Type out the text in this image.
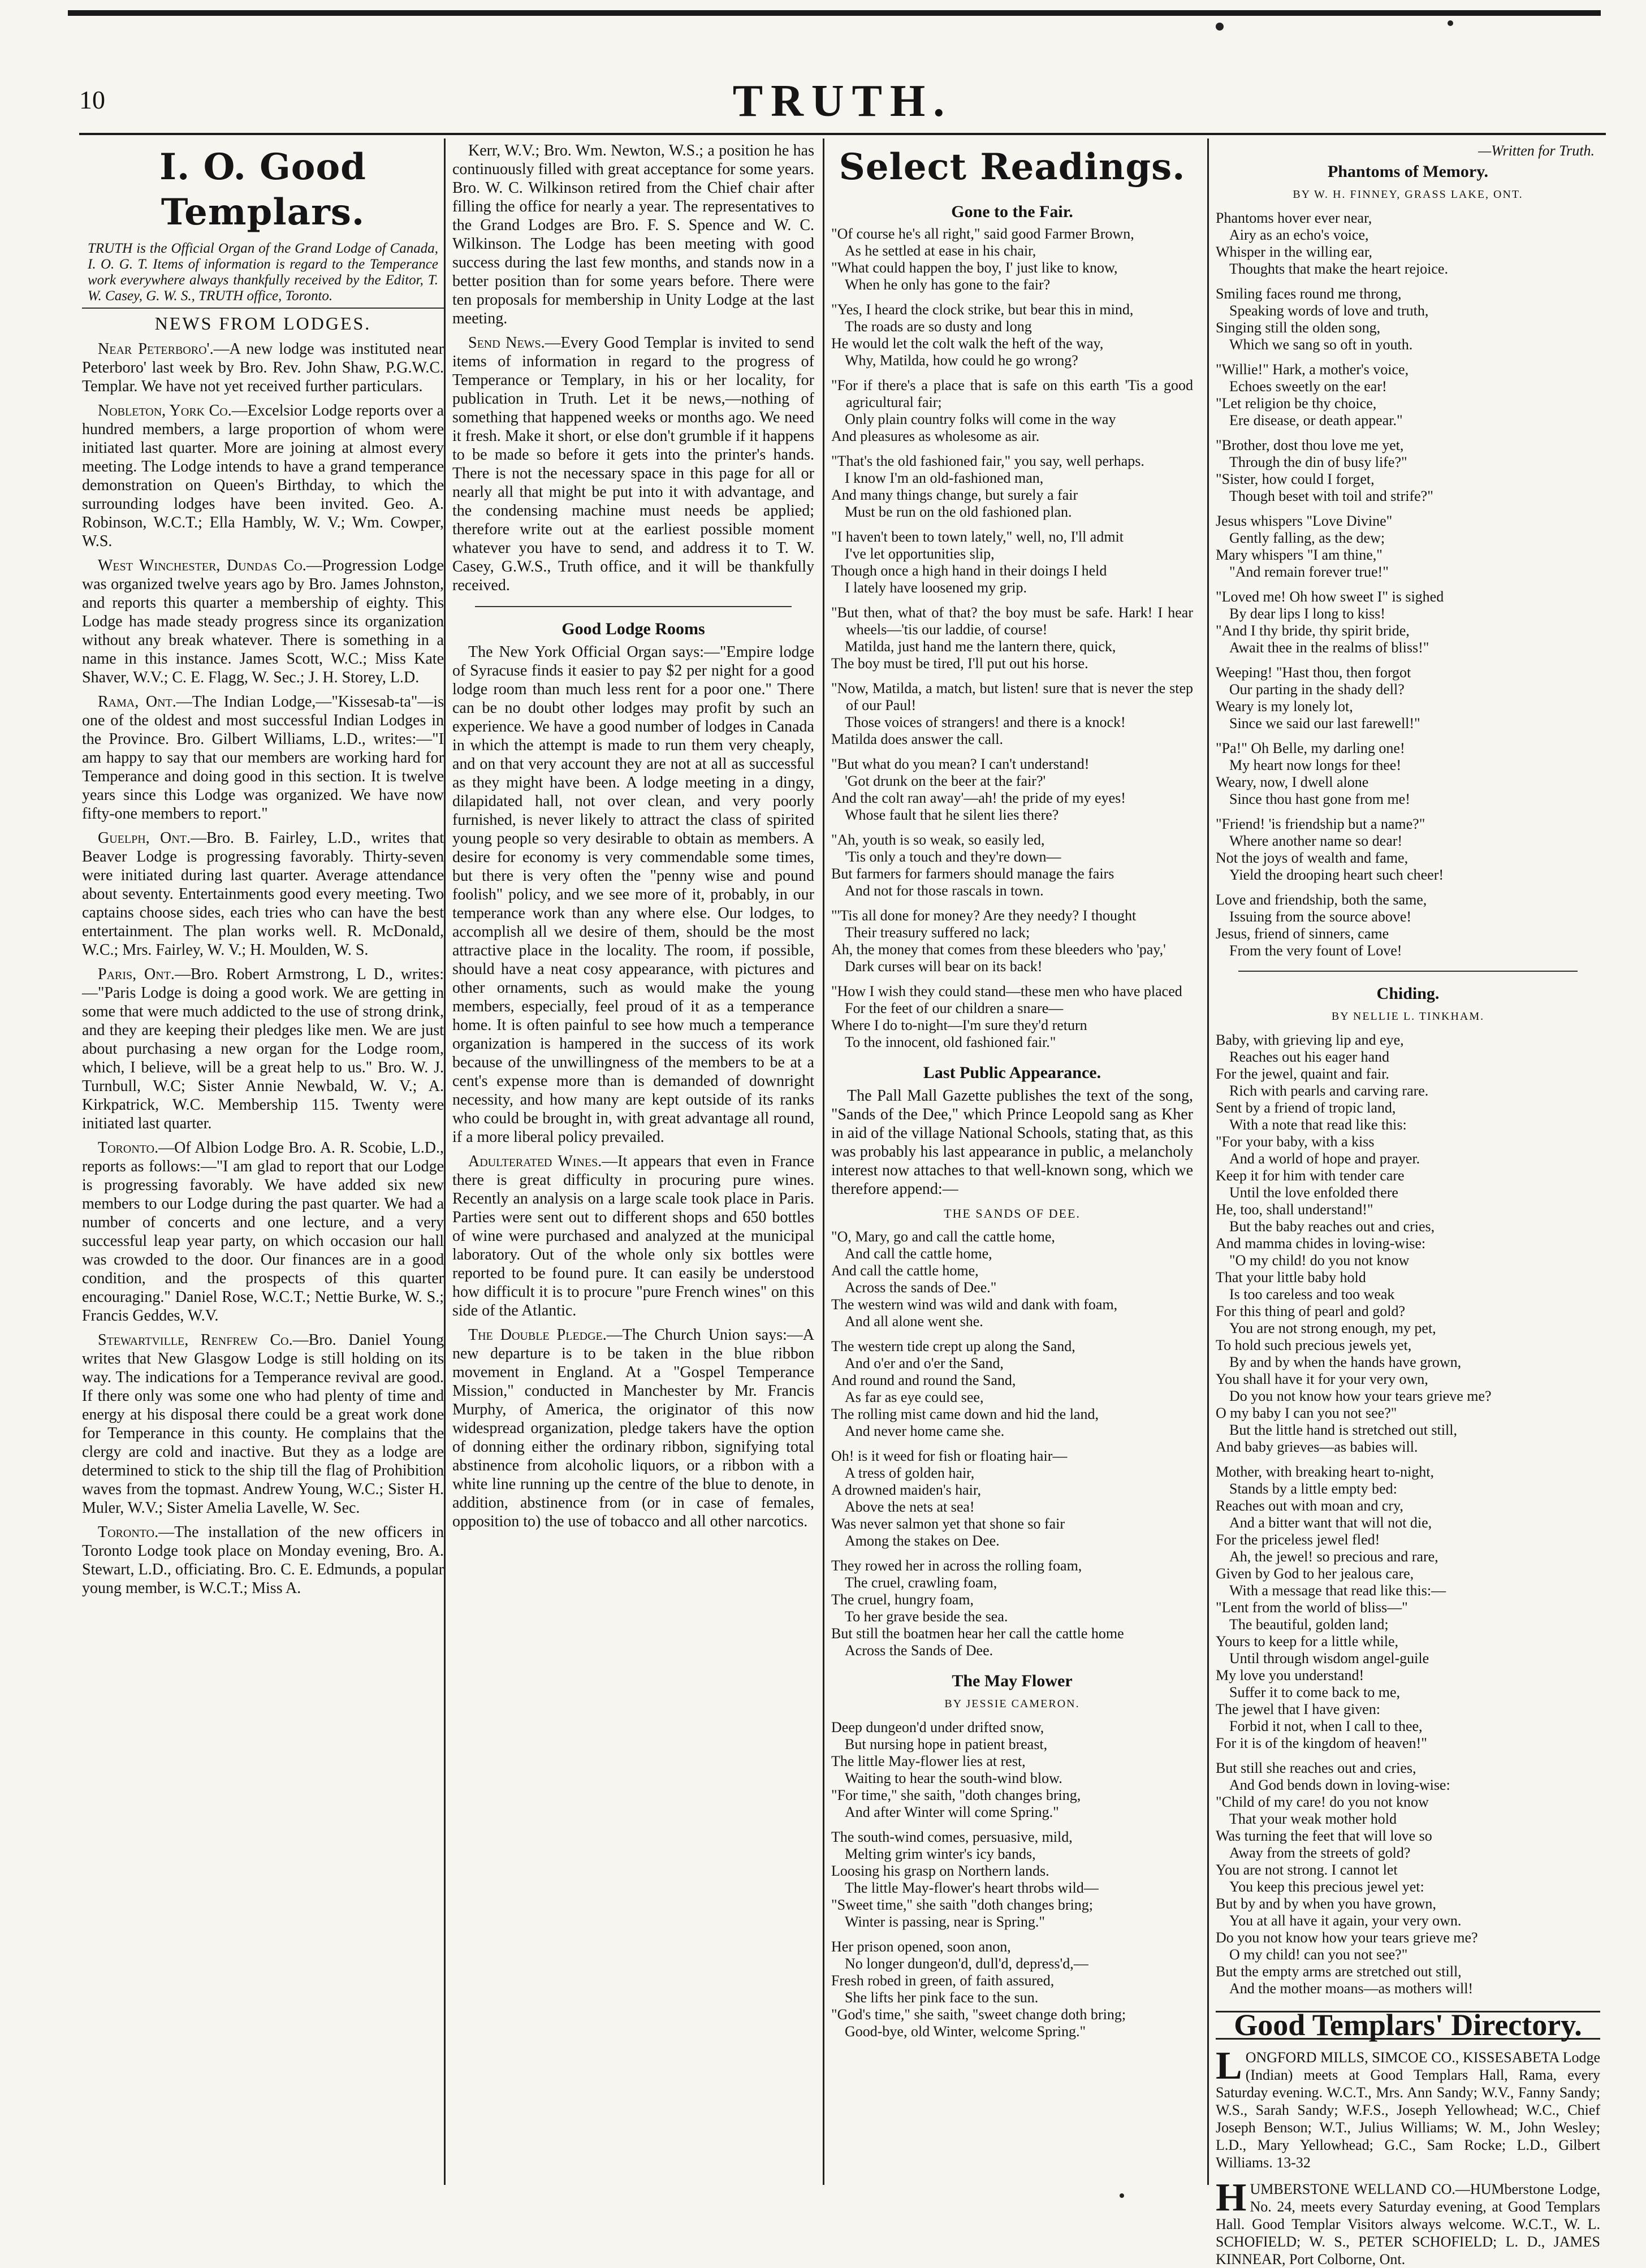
10	TRUTH.
I. O. Good Templars.
TRUTH is the Official Organ of the Grand Lodge of Canada, I. O. G. T. Items of information is regard to the Temperance work everywhere always thankfully received by the Editor, T. W. Casey, G. W. S., TRUTH office, Toronto.
NEWS FROM LODGES.

Near Peterboro'.—A new lodge was instituted near Peterboro' last week by Bro. Rev. John Shaw, P.G.W.C. Templar. We have not yet received further particulars.

Nobleton, York Co.—Excelsior Lodge reports over a hundred members, a large proportion of whom were initiated last quarter. More are joining at almost every meeting. The Lodge intends to have a grand temperance demonstration on Queen's Birthday, to which the surrounding lodges have been invited. Geo. A. Robinson, W.C.T.; Ella Hambly, W. V.; Wm. Cowper, W.S.

West Winchester, Dundas Co.—Progression Lodge was organized twelve years ago by Bro. James Johnston, and reports this quarter a membership of eighty. This Lodge has made steady progress since its organization without any break whatever. There is something in a name in this instance. James Scott, W.C.; Miss Kate Shaver, W.V.; C. E. Flagg, W. Sec.; J. H. Storey, L.D.

Rama, Ont.—The Indian Lodge,—"Kissesab-ta"—is one of the oldest and most successful Indian Lodges in the Province. Bro. Gilbert Williams, L.D., writes:—"I am happy to say that our members are working hard for Temperance and doing good in this section. It is twelve years since this Lodge was organized. We have now fifty-one members to report."

Guelph, Ont.—Bro. B. Fairley, L.D., writes that Beaver Lodge is progressing favorably. Thirty-seven were initiated during last quarter. Average attendance about seventy. Entertainments good every meeting. Two captains choose sides, each tries who can have the best entertainment. The plan works well. R. McDonald, W.C.; Mrs. Fairley, W. V.; H. Moulden, W. S.

Paris, Ont.—Bro. Robert Armstrong, L D., writes:—"Paris Lodge is doing a good work. We are getting in some that were much addicted to the use of strong drink, and they are keeping their pledges like men. We are just about purchasing a new organ for the Lodge room, which, I believe, will be a great help to us." Bro. W. J. Turnbull, W.C; Sister Annie Newbald, W. V.; A. Kirkpatrick, W.C. Membership 115. Twenty were initiated last quarter.

Toronto.—Of Albion Lodge Bro. A. R. Scobie, L.D., reports as follows:—"I am glad to report that our Lodge is progressing favorably. We have added six new members to our Lodge during the past quarter. We had a number of concerts and one lecture, and a very successful leap year party, on which occasion our hall was crowded to the door. Our finances are in a good condition, and the prospects of this quarter encouraging." Daniel Rose, W.C.T.; Nettie Burke, W. S.; Francis Geddes, W.V.

Stewartville, Renfrew Co.—Bro. Daniel Young writes that New Glasgow Lodge is still holding on its way. The indications for a Temperance revival are good. If there only was some one who had plenty of time and energy at his disposal there could be a great work done for Temperance in this county. He complains that the clergy are cold and inactive. But they as a lodge are determined to stick to the ship till the flag of Prohibition waves from the topmast. Andrew Young, W.C.; Sister H. Muler, W.V.; Sister Amelia Lavelle, W. Sec.

Toronto.—The installation of the new officers in Toronto Lodge took place on Monday evening, Bro. A. Stewart, L.D., officiating. Bro. C. E. Edmunds, a popular young member, is W.C.T.; Miss A.

Kerr, W.V.; Bro. Wm. Newton, W.S.; a position he has continuously filled with great acceptance for some years. Bro. W. C. Wilkinson retired from the Chief chair after filling the office for nearly a year. The representatives to the Grand Lodges are Bro. F. S. Spence and W. C. Wilkinson. The Lodge has been meeting with good success during the last few months, and stands now in a better position than for some years before. There were ten proposals for membership in Unity Lodge at the last meeting.

Send News.—Every Good Templar is invited to send items of information in regard to the progress of Temperance or Templary, in his or her locality, for publication in Truth. Let it be news,—nothing of something that happened weeks or months ago. We need it fresh. Make it short, or else don't grumble if it happens to be made so before it gets into the printer's hands. There is not the necessary space in this page for all or nearly all that might be put into it with advantage, and the condensing machine must needs be applied; therefore write out at the earliest possible moment whatever you have to send, and address it to T. W. Casey, G.W.S., Truth office, and it will be thankfully received.

Good Lodge Rooms

The New York Official Organ says:—"Empire lodge of Syracuse finds it easier to pay $2 per night for a good lodge room than much less rent for a poor one." There can be no doubt other lodges may profit by such an experience. We have a good number of lodges in Canada in which the attempt is made to run them very cheaply, and on that very account they are not at all as successful as they might have been. A lodge meeting in a dingy, dilapidated hall, not over clean, and very poorly furnished, is never likely to attract the class of spirited young people so very desirable to obtain as members. A desire for economy is very commendable some times, but there is very often the "penny wise and pound foolish" policy, and we see more of it, probably, in our temperance work than any where else. Our lodges, to accomplish all we desire of them, should be the most attractive place in the locality. The room, if possible, should have a neat cosy appearance, with pictures and other ornaments, such as would make the young members, especially, feel proud of it as a temperance home. It is often painful to see how much a temperance organization is hampered in the success of its work because of the unwillingness of the members to be at a cent's expense more than is demanded of downright necessity, and how many are kept outside of its ranks who could be brought in, with great advantage all round, if a more liberal policy prevailed.

Adulterated Wines.—It appears that even in France there is great difficulty in procuring pure wines. Recently an analysis on a large scale took place in Paris. Parties were sent out to different shops and 650 bottles of wine were purchased and analyzed at the municipal laboratory. Out of the whole only six bottles were reported to be found pure. It can easily be understood how difficult it is to procure "pure French wines" on this side of the Atlantic.

The Double Pledge.—The Church Union says:—A new departure is to be taken in the blue ribbon movement in England. At a "Gospel Temperance Mission," conducted in Manchester by Mr. Francis Murphy, of America, the originator of this now widespread organization, pledge takers have the option of donning either the ordinary ribbon, signifying total abstinence from alcoholic liquors, or a ribbon with a white line running up the centre of the blue to denote, in addition, abstinence from (or in case of females, opposition to) the use of tobacco and all other narcotics.

Select Readings.
Gone to the Fair.
"Of course he's all right," said good Farmer Brown,
As he settled at ease in his chair,
"What could happen the boy, I' just like to know,
When he only has gone to the fair?
"Yes, I heard the clock strike, but bear this in mind,
The roads are so dusty and long
He would let the colt walk the heft of the way,
Why, Matilda, how could he go wrong?
"For if there's a place that is safe on this earth 'Tis a good agricultural fair;
Only plain country folks will come in the way
And pleasures as wholesome as air.
"That's the old fashioned fair," you say, well perhaps.
I know I'm an old-fashioned man,
And many things change, but surely a fair
Must be run on the old fashioned plan.
"I haven't been to town lately," well, no, I'll admit
I've let opportunities slip,
Though once a high hand in their doings I held
I lately have loosened my grip.
"But then, what of that? the boy must be safe. Hark! I hear wheels—'tis our laddie, of course!
Matilda, just hand me the lantern there, quick,
The boy must be tired, I'll put out his horse.
"Now, Matilda, a match, but listen! sure that is never the step of our Paul!
Those voices of strangers! and there is a knock!
Matilda does answer the call.
"But what do you mean? I can't understand!
'Got drunk on the beer at the fair?'
And the colt ran away'—ah! the pride of my eyes!
Whose fault that he silent lies there?
"Ah, youth is so weak, so easily led,
'Tis only a touch and they're down—
But farmers for farmers should manage the fairs
And not for those rascals in town.
"'Tis all done for money? Are they needy? I thought
Their treasury suffered no lack;
Ah, the money that comes from these bleeders who 'pay,'
Dark curses will bear on its back!
"How I wish they could stand—these men who have placed
For the feet of our children a snare—
Where I do to-night—I'm sure they'd return
To the innocent, old fashioned fair."
Last Public Appearance.

The Pall Mall Gazette publishes the text of the song, "Sands of the Dee," which Prince Leopold sang as Kher in aid of the village National Schools, stating that, as this was probably his last appearance in public, a melancholy interest now attaches to that well-known song, which we therefore append:—

THE SANDS OF DEE.
"O, Mary, go and call the cattle home,
And call the cattle home,
And call the cattle home,
Across the sands of Dee."
The western wind was wild and dank with foam,
And all alone went she.
The western tide crept up along the Sand,
And o'er and o'er the Sand,
And round and round the Sand,
As far as eye could see,
The rolling mist came down and hid the land,
And never home came she.
Oh! is it weed for fish or floating hair—
A tress of golden hair,
A drowned maiden's hair,
Above the nets at sea!
Was never salmon yet that shone so fair
Among the stakes on Dee.
They rowed her in across the rolling foam,
The cruel, crawling foam,
The cruel, hungry foam,
To her grave beside the sea.
But still the boatmen hear her call the cattle home
Across the Sands of Dee.
The May Flower
BY JESSIE CAMERON.
Deep dungeon'd under drifted snow,
But nursing hope in patient breast,
The little May-flower lies at rest,
Waiting to hear the south-wind blow.
"For time," she saith, "doth changes bring,
And after Winter will come Spring."
The south-wind comes, persuasive, mild,
Melting grim winter's icy bands,
Loosing his grasp on Northern lands.
The little May-flower's heart throbs wild—
"Sweet time," she saith "doth changes bring;
Winter is passing, near is Spring."
Her prison opened, soon anon,
No longer dungeon'd, dull'd, depress'd,—
Fresh robed in green, of faith assured,
She lifts her pink face to the sun.
"God's time," she saith, "sweet change doth bring;
Good-bye, old Winter, welcome Spring."
—Written for Truth.
Phantoms of Memory.
BY W. H. FINNEY, GRASS LAKE, ONT.
Phantoms hover ever near,
Airy as an echo's voice,
Whisper in the willing ear,
Thoughts that make the heart rejoice.
Smiling faces round me throng,
Speaking words of love and truth,
Singing still the olden song,
Which we sang so oft in youth.
"Willie!" Hark, a mother's voice,
Echoes sweetly on the ear!
"Let religion be thy choice,
Ere disease, or death appear."
"Brother, dost thou love me yet,
Through the din of busy life?"
"Sister, how could I forget,
Though beset with toil and strife?"
Jesus whispers "Love Divine"
Gently falling, as the dew;
Mary whispers "I am thine,"
"And remain forever true!"
"Loved me! Oh how sweet I" is sighed
By dear lips I long to kiss!
"And I thy bride, thy spirit bride,
Await thee in the realms of bliss!"
Weeping! "Hast thou, then forgot
Our parting in the shady dell?
Weary is my lonely lot,
Since we said our last farewell!"
"Pa!" Oh Belle, my darling one!
My heart now longs for thee!
Weary, now, I dwell alone
Since thou hast gone from me!
"Friend! 'is friendship but a name?"
Where another name so dear!
Not the joys of wealth and fame,
Yield the drooping heart such cheer!
Love and friendship, both the same,
Issuing from the source above!
Jesus, friend of sinners, came
From the very fount of Love!
Chiding.
BY NELLIE L. TINKHAM.
Baby, with grieving lip and eye,
Reaches out his eager hand
For the jewel, quaint and fair.
Rich with pearls and carving rare.
Sent by a friend of tropic land,
With a note that read like this:
"For your baby, with a kiss
And a world of hope and prayer.
Keep it for him with tender care
Until the love enfolded there
He, too, shall understand!"
But the baby reaches out and cries,
And mamma chides in loving-wise:
"O my child! do you not know
That your little baby hold
Is too careless and too weak
For this thing of pearl and gold?
You are not strong enough, my pet,
To hold such precious jewels yet,
By and by when the hands have grown,
You shall have it for your very own,
Do you not know how your tears grieve me?
O my baby I can you not see?"
But the little hand is stretched out still,
And baby grieves—as babies will.
Mother, with breaking heart to-night,
Stands by a little empty bed:
Reaches out with moan and cry,
And a bitter want that will not die,
For the priceless jewel fled!
Ah, the jewel! so precious and rare,
Given by God to her jealous care,
With a message that read like this:—
"Lent from the world of bliss—"
The beautiful, golden land;
Yours to keep for a little while,
Until through wisdom angel-guile
My love you understand!
Suffer it to come back to me,
The jewel that I have given:
Forbid it not, when I call to thee,
For it is of the kingdom of heaven!"
But still she reaches out and cries,
And God bends down in loving-wise:
"Child of my care! do you not know
That your weak mother hold
Was turning the feet that will love so
Away from the streets of gold?
You are not strong. I cannot let
You keep this precious jewel yet:
But by and by when you have grown,
You at all have it again, your very own.
Do you not know how your tears grieve me?
O my child! can you not see?"
But the empty arms are stretched out still,
And the mother moans—as mothers will!
Good Templars' Directory.

LONGFORD MILLS, SIMCOE CO., KISSESABETA Lodge (Indian) meets at Good Templars Hall, Rama, every Saturday evening. W.C.T., Mrs. Ann Sandy; W.V., Fanny Sandy; W.S., Sarah Sandy; W.F.S., Joseph Yellowhead; W.C., Chief Joseph Benson; W.T., Julius Williams; W. M., John Wesley; L.D., Mary Yellowhead; G.C., Sam Rocke; L.D., Gilbert Williams. 13-32

HUMBERSTONE WELLAND CO.—HUMberstone Lodge, No. 24, meets every Saturday evening, at Good Templars Hall. Good Templar Visitors always welcome. W.C.T., W. L. SCHOFIELD; W. S., PETER SCHOFIELD; L. D., JAMES KINNEAR, Port Colborne, Ont.
